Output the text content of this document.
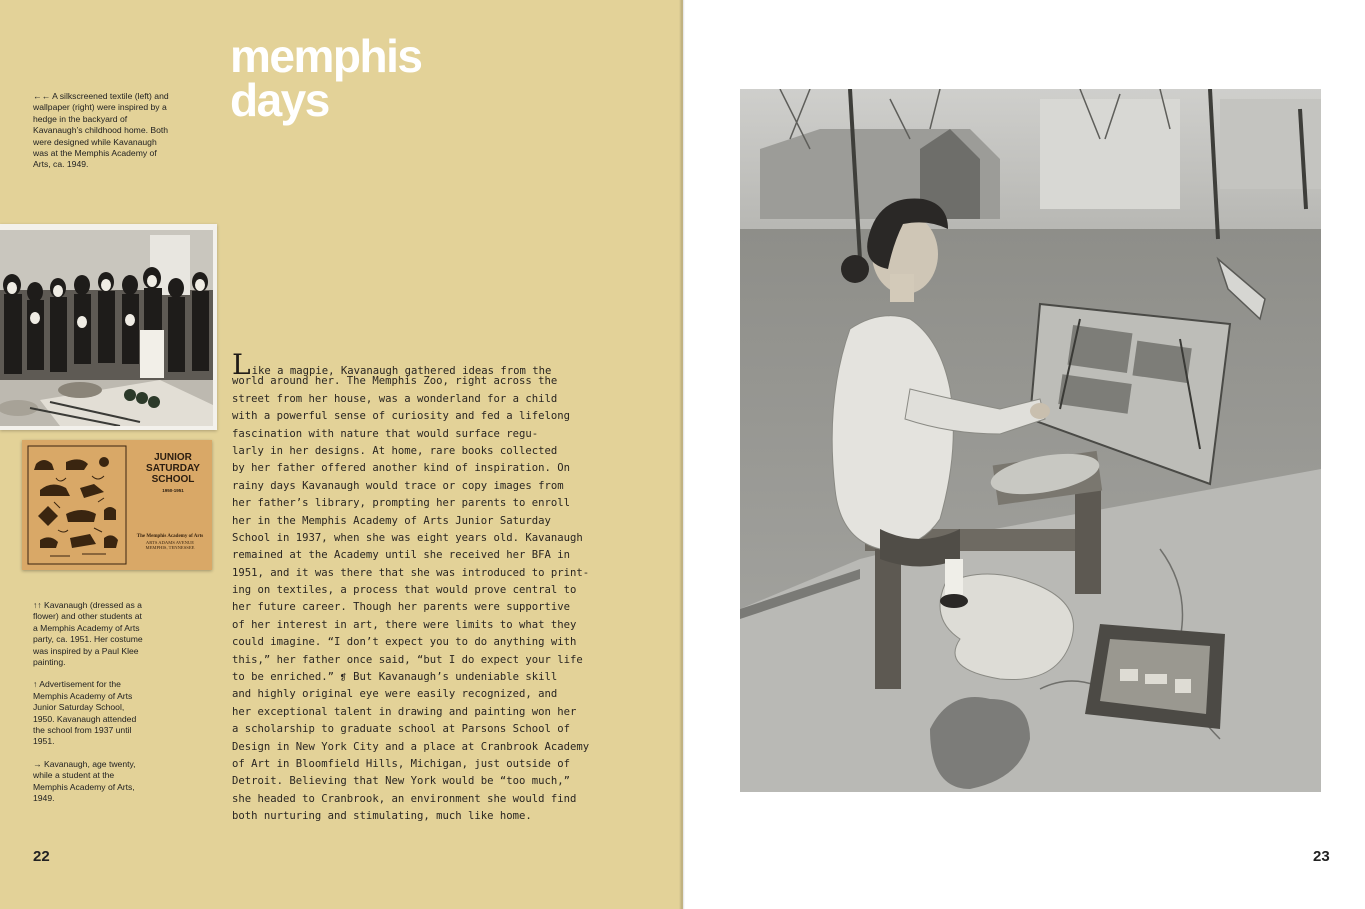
memphis
days
←← A silkscreened textile (left) and wallpaper (right) were inspired by a hedge in the backyard of Kavanaugh’s childhood home. Both were designed while Kavanaugh was at the Memphis Academy of Arts, ca. 1949.
JUNIOR
SATURDAY
SCHOOL
1950-1951
The Memphis Academy of Arts
ARTS ADAMS AVENUE
MEMPHIS, TENNESSEE

↑↑ Kavanaugh (dressed as a flower) and other students at a Memphis Academy of Arts party, ca. 1951. Her costume was inspired by a Paul Klee painting.

↑ Advertisement for the Memphis Academy of Arts Junior Saturday School, 1950. Kavanaugh attended the school from 1937 until 1951.

→ Kavanaugh, age twenty, while a student at the Memphis Academy of Arts, 1949.

Like a magpie, Kavanaugh gathered ideas from the
world around her. The Memphis Zoo, right across the
street from her house, was a wonderland for a child
with a powerful sense of curiosity and fed a lifelong
fascination with nature that would surface regu-
larly in her designs. At home, rare books collected
by her father offered another kind of inspiration. On
rainy days Kavanaugh would trace or copy images from
her father’s library, prompting her parents to enroll
her in the Memphis Academy of Arts Junior Saturday
School in 1937, when she was eight years old. Kavanaugh
remained at the Academy until she received her BFA in
1951, and it was there that she was introduced to print-
ing on textiles, a process that would prove central to
her future career. Though her parents were supportive
of her interest in art, there were limits to what they
could imagine. “I don’t expect you to do anything with
this,” her father once said, “but I do expect your life
to be enriched.” ❡ But Kavanaugh’s undeniable skill
and highly original eye were easily recognized, and
her exceptional talent in drawing and painting won her
a scholarship to graduate school at Parsons School of
Design in New York City and a place at Cranbrook Academy
of Art in Bloomfield Hills, Michigan, just outside of
Detroit. Believing that New York would be “too much,”
she headed to Cranbrook, an environment she would find
both nurturing and stimulating, much like home.
22	23
